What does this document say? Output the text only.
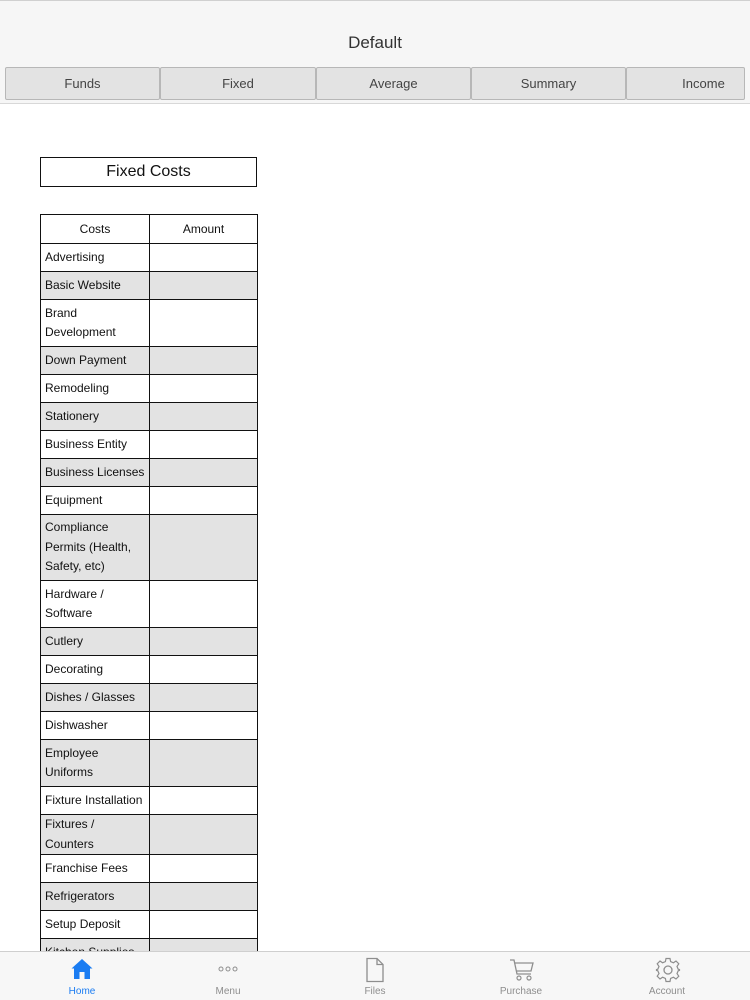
Default
Funds	Fixed	Average	Summary	Income
Fixed Costs
Costs	Amount
Advertising	

Basic Website	

Brand Development	

Down Payment	

Remodeling	

Stationery	

Business Entity	

Business Licenses	

Equipment	

Compliance Permits (Health, Safety, etc)	

Hardware / Software	

Cutlery	

Decorating	

Dishes / Glasses	

Dishwasher	

Employee Uniforms	

Fixture Installation	

Fixtures / Counters	

Franchise Fees	

Refrigerators	

Setup Deposit	

Home	Menu	Files	Purchase	Account
